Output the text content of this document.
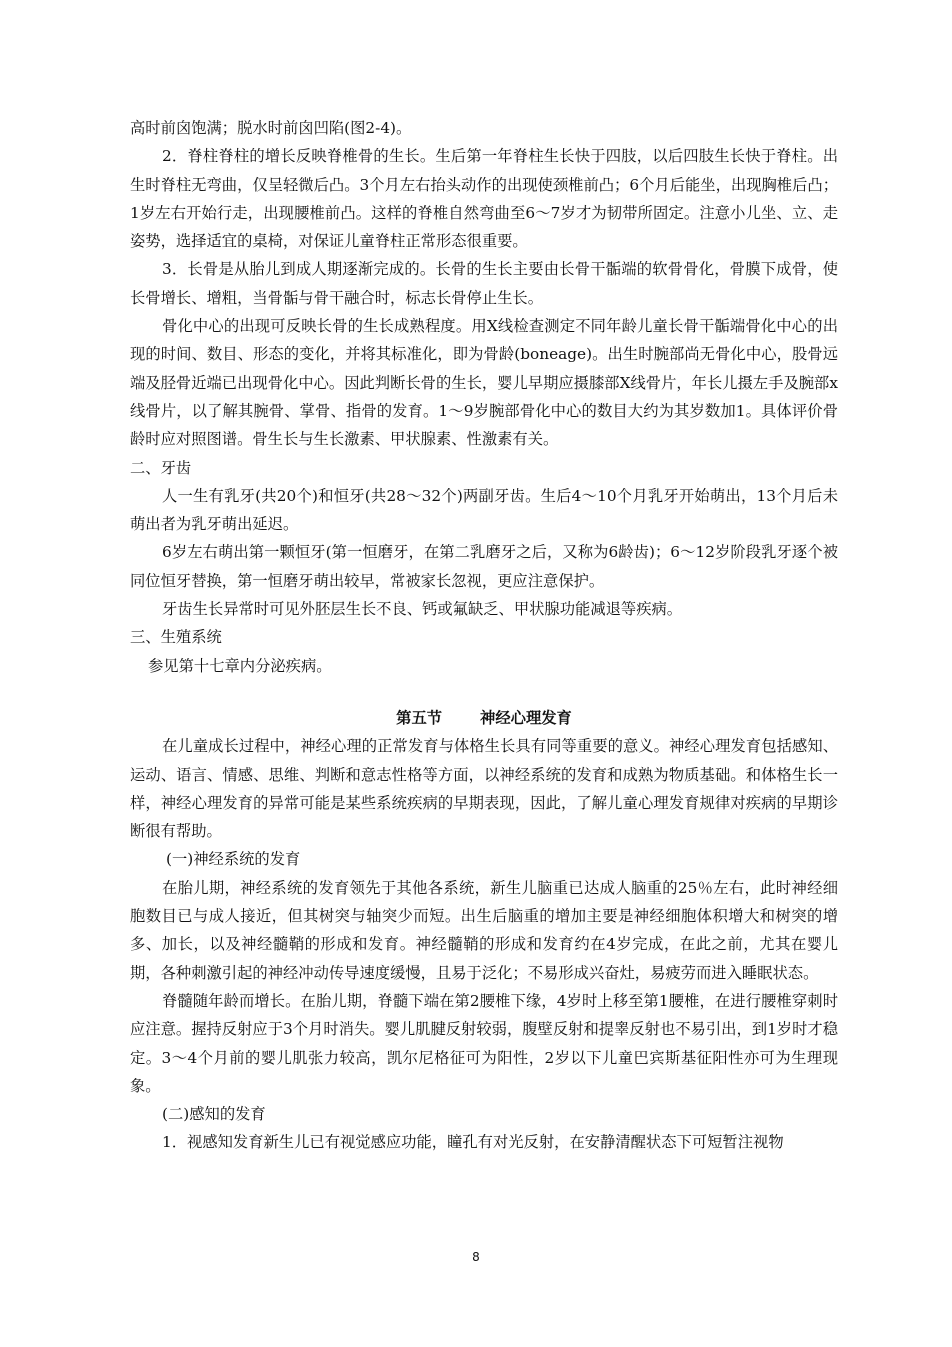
高时前囟饱满；脱水时前囟凹陷(图2-4)。

2．脊柱脊柱的增长反映脊椎骨的生长。生后第一年脊柱生长快于四肢，以后四肢生长快于脊柱。出生时脊柱无弯曲，仅呈轻微后凸。3个月左右抬头动作的出现使颈椎前凸；6个月后能坐，出现胸椎后凸；1岁左右开始行走，出现腰椎前凸。这样的脊椎自然弯曲至6～7岁才为韧带所固定。注意小儿坐、立、走姿势，选择适宜的桌椅，对保证儿童脊柱正常形态很重要。

3．长骨是从胎儿到成人期逐渐完成的。长骨的生长主要由长骨干骺端的软骨骨化，骨膜下成骨，使长骨增长、增粗，当骨骺与骨干融合时，标志长骨停止生长。

骨化中心的出现可反映长骨的生长成熟程度。用X线检查测定不同年龄儿童长骨干骺端骨化中心的出现的时间、数目、形态的变化，并将其标准化，即为骨龄(boneage)。出生时腕部尚无骨化中心，股骨远端及胫骨近端已出现骨化中心。因此判断长骨的生长，婴儿早期应摄膝部X线骨片，年长儿摄左手及腕部x线骨片，以了解其腕骨、掌骨、指骨的发育。1～9岁腕部骨化中心的数目大约为其岁数加1。具体评价骨龄时应对照图谱。骨生长与生长激素、甲状腺素、性激素有关。

二、牙齿

人一生有乳牙(共20个)和恒牙(共28～32个)两副牙齿。生后4～10个月乳牙开始萌出，13个月后未萌出者为乳牙萌出延迟。

6岁左右萌出第一颗恒牙(第一恒磨牙，在第二乳磨牙之后，又称为6龄齿)；6～12岁阶段乳牙逐个被同位恒牙替换，第一恒磨牙萌出较早，常被家长忽视，更应注意保护。

牙齿生长异常时可见外胚层生长不良、钙或氟缺乏、甲状腺功能减退等疾病。

三、生殖系统

参见第十七章内分泌疾病。

第五节 神经心理发育

在儿童成长过程中，神经心理的正常发育与体格生长具有同等重要的意义。神经心理发育包括感知、运动、语言、情感、思维、判断和意志性格等方面，以神经系统的发育和成熟为物质基础。和体格生长一样，神经心理发育的异常可能是某些系统疾病的早期表现，因此，了解儿童心理发育规律对疾病的早期诊断很有帮助。

(一)神经系统的发育

在胎儿期，神经系统的发育领先于其他各系统，新生儿脑重已达成人脑重的25％左右，此时神经细胞数目已与成人接近，但其树突与轴突少而短。出生后脑重的增加主要是神经细胞体积增大和树突的增多、加长，以及神经髓鞘的形成和发育。神经髓鞘的形成和发育约在4岁完成，在此之前，尤其在婴儿期，各种刺激引起的神经冲动传导速度缓慢，且易于泛化；不易形成兴奋灶，易疲劳而进入睡眠状态。

脊髓随年龄而增长。在胎儿期，脊髓下端在第2腰椎下缘，4岁时上移至第1腰椎，在进行腰椎穿刺时应注意。握持反射应于3个月时消失。婴儿肌腱反射较弱，腹壁反射和提睾反射也不易引出，到1岁时才稳定。3～4个月前的婴儿肌张力较高，凯尔尼格征可为阳性，2岁以下儿童巴宾斯基征阳性亦可为生理现象。

(二)感知的发育

1．视感知发育新生儿已有视觉感应功能，瞳孔有对光反射，在安静清醒状态下可短暂注视物

8
